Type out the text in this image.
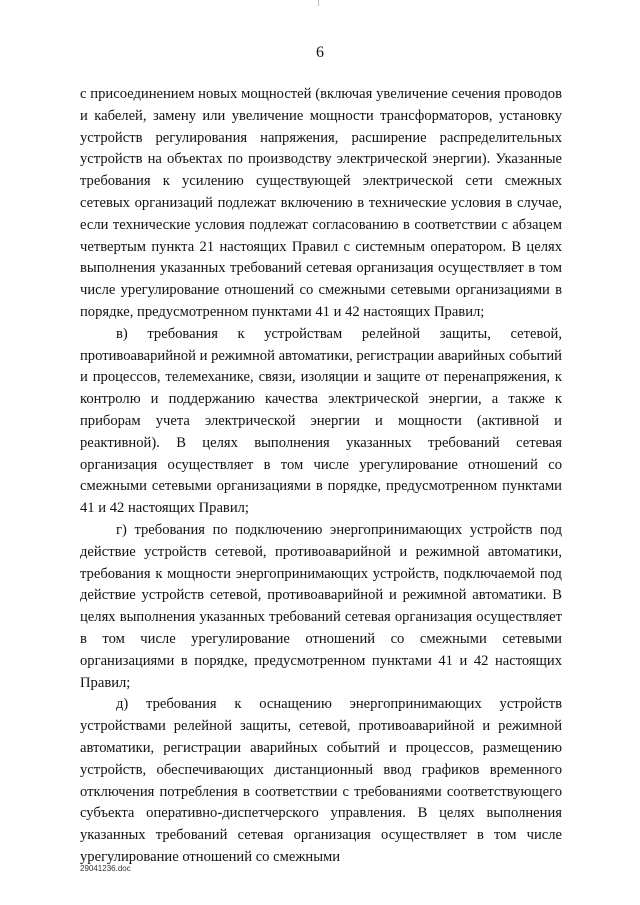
6

с присоединением новых мощностей (включая увеличение сечения проводов и кабелей, замену или увеличение мощности трансформаторов, установку устройств регулирования напряжения, расширение распределительных устройств на объектах по производству электрической энергии). Указанные требования к усилению существующей электрической сети смежных сетевых организаций подлежат включению в технические условия в случае, если технические условия подлежат согласованию в соответствии с абзацем четвертым пункта 21 настоящих Правил с системным оператором. В целях выполнения указанных требований сетевая организация осуществляет в том числе урегулирование отношений со смежными сетевыми организациями в порядке, предусмотренном пунктами 41 и 42 настоящих Правил;

в) требования к устройствам релейной защиты, сетевой, противоаварийной и режимной автоматики, регистрации аварийных событий и процессов, телемеханике, связи, изоляции и защите от перенапряжения, к контролю и поддержанию качества электрической энергии, а также к приборам учета электрической энергии и мощности (активной и реактивной). В целях выполнения указанных требований сетевая организация осуществляет в том числе урегулирование отношений со смежными сетевыми организациями в порядке, предусмотренном пунктами 41 и 42 настоящих Правил;

г) требования по подключению энергопринимающих устройств под действие устройств сетевой, противоаварийной и режимной автоматики, требования к мощности энергопринимающих устройств, подключаемой под действие устройств сетевой, противоаварийной и режимной автоматики. В целях выполнения указанных требований сетевая организация осуществляет в том числе урегулирование отношений со смежными сетевыми организациями в порядке, предусмотренном пунктами 41 и 42 настоящих Правил;

д) требования к оснащению энергопринимающих устройств устройствами релейной защиты, сетевой, противоаварийной и режимной автоматики, регистрации аварийных событий и процессов, размещению устройств, обеспечивающих дистанционный ввод графиков временного отключения потребления в соответствии с требованиями соответствующего субъекта оперативно-диспетчерского управления. В целях выполнения указанных требований сетевая организация осуществляет в том числе урегулирование отношений со смежными

29041236.doc
